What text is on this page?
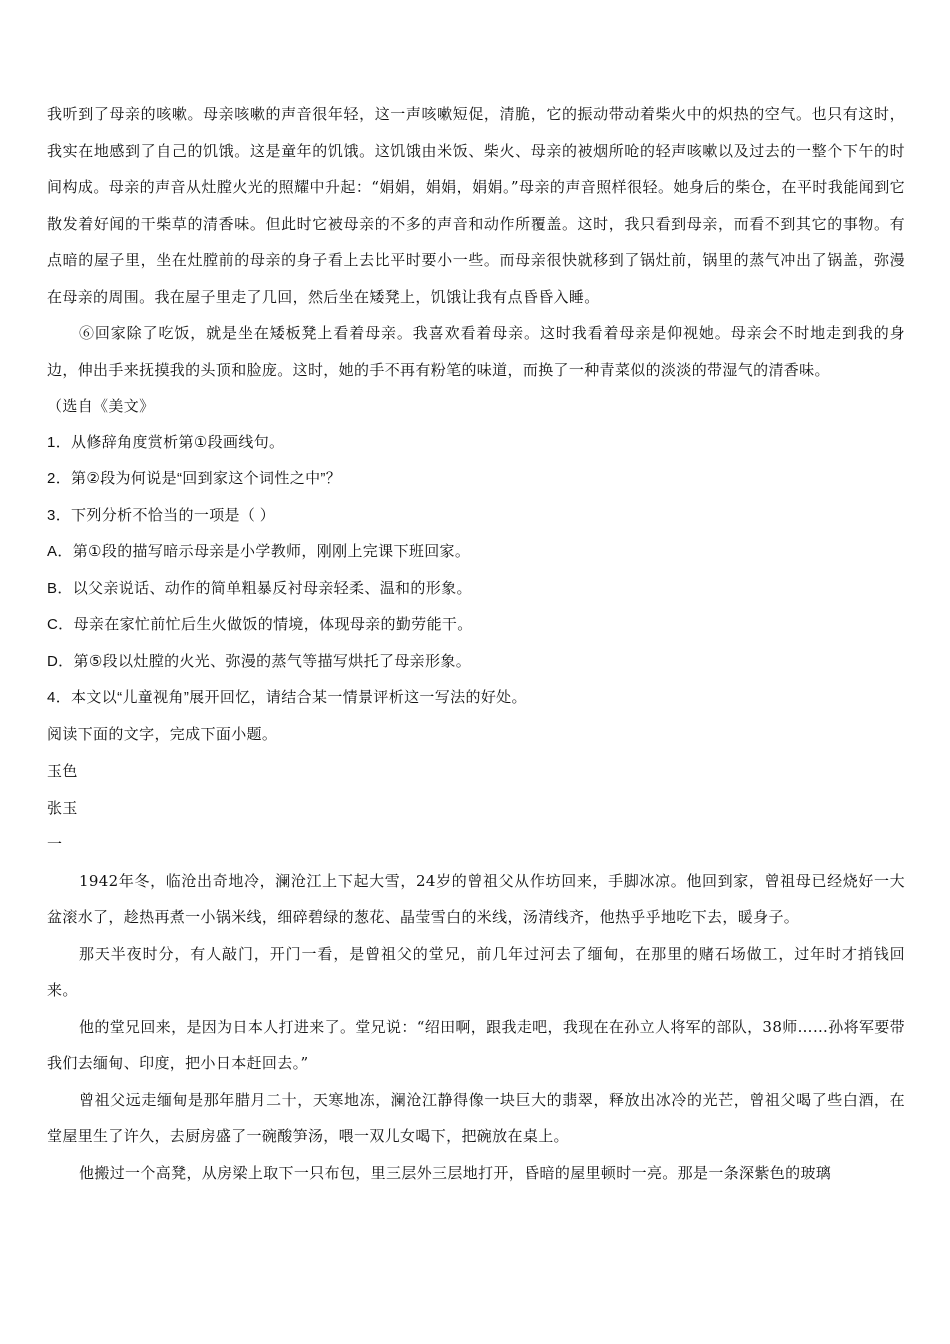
我听到了母亲的咳嗽。母亲咳嗽的声音很年轻，这一声咳嗽短促，清脆，它的振动带动着柴火中的炽热的空气。也只有这时，我实在地感到了自己的饥饿。这是童年的饥饿。这饥饿由米饭、柴火、母亲的被烟所呛的轻声咳嗽以及过去的一整个下午的时间构成。母亲的声音从灶膛火光的照耀中升起：“娟娟，娟娟，娟娟。”母亲的声音照样很轻。她身后的柴仓，在平时我能闻到它散发着好闻的干柴草的清香味。但此时它被母亲的不多的声音和动作所覆盖。这时，我只看到母亲，而看不到其它的事物。有点暗的屋子里，坐在灶膛前的母亲的身子看上去比平时要小一些。而母亲很快就移到了锅灶前，锅里的蒸气冲出了锅盖，弥漫在母亲的周围。我在屋子里走了几回，然后坐在矮凳上，饥饿让我有点昏昏入睡。

⑥回家除了吃饭，就是坐在矮板凳上看着母亲。我喜欢看着母亲。这时我看着母亲是仰视她。母亲会不时地走到我的身边，伸出手来抚摸我的头顶和脸庞。这时，她的手不再有粉笔的味道，而换了一种青菜似的淡淡的带湿气的清香味。

（选自《美文》

1．从修辞角度赏析第①段画线句。

2．第②段为何说是“回到家这个词性之中”？

3．下列分析不恰当的一项是（ ）

A．第①段的描写暗示母亲是小学教师，刚刚上完课下班回家。

B．以父亲说话、动作的简单粗暴反衬母亲轻柔、温和的形象。

C．母亲在家忙前忙后生火做饭的情境，体现母亲的勤劳能干。

D．第⑤段以灶膛的火光、弥漫的蒸气等描写烘托了母亲形象。

4．本文以“儿童视角”展开回忆，请结合某一情景评析这一写法的好处。

阅读下面的文字，完成下面小题。

玉色

张玉

一

1942年冬，临沧出奇地冷，澜沧江上下起大雪，24岁的曾祖父从作坊回来，手脚冰凉。他回到家，曾祖母已经烧好一大盆滚水了，趁热再煮一小锅米线，细碎碧绿的葱花、晶莹雪白的米线，汤清线齐，他热乎乎地吃下去，暖身子。

那天半夜时分，有人敲门，开门一看，是曾祖父的堂兄，前几年过河去了缅甸，在那里的赌石场做工，过年时才捎钱回来。

他的堂兄回来，是因为日本人打进来了。堂兄说：“绍田啊，跟我走吧，我现在在孙立人将军的部队，38师……孙将军要带我们去缅甸、印度，把小日本赶回去。”

曾祖父远走缅甸是那年腊月二十，天寒地冻，澜沧江静得像一块巨大的翡翠，释放出冰冷的光芒，曾祖父喝了些白酒，在堂屋里生了许久，去厨房盛了一碗酸笋汤，喂一双儿女喝下，把碗放在桌上。

他搬过一个高凳，从房梁上取下一只布包，里三层外三层地打开，昏暗的屋里顿时一亮。那是一条深紫色的玻璃
